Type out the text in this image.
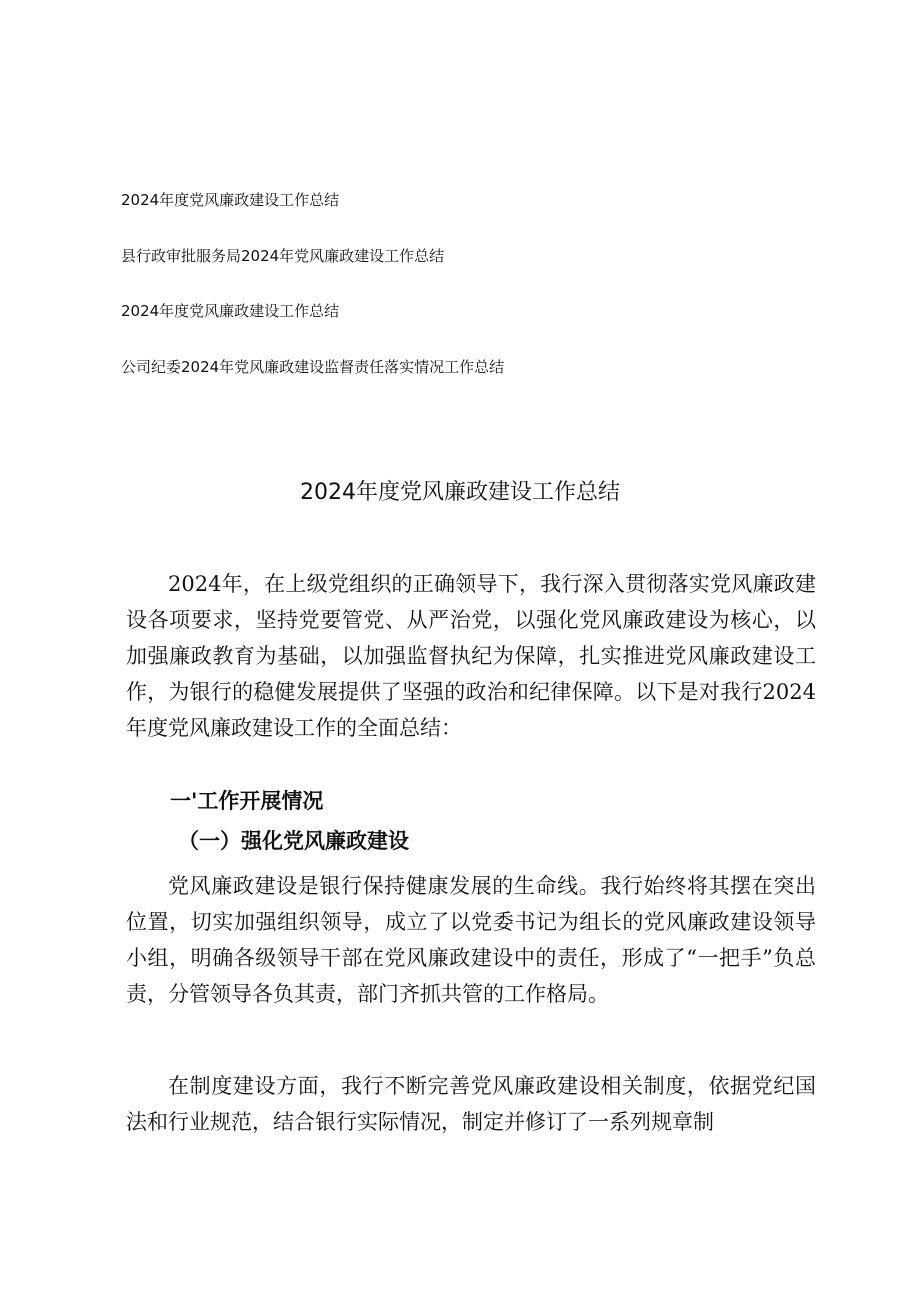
2024年度党风廉政建设工作总结
县行政审批服务局2024年党风廉政建设工作总结
2024年度党风廉政建设工作总结
公司纪委2024年党风廉政建设监督责任落实情况工作总结
2024年度党风廉政建设工作总结

2024年，在上级党组织的正确领导下，我行深入贯彻落实党风廉政建设各项要求，坚持党要管党、从严治党，以强化党风廉政建设为核心，以加强廉政教育为基础，以加强监督执纪为保障，扎实推进党风廉政建设工作，为银行的稳健发展提供了坚强的政治和纪律保障。以下是对我行2024年度党风廉政建设工作的全面总结：

一'工作开展情况
（一）强化党风廉政建设

党风廉政建设是银行保持健康发展的生命线。我行始终将其摆在突出位置，切实加强组织领导，成立了以党委书记为组长的党风廉政建设领导小组，明确各级领导干部在党风廉政建设中的责任，形成了“一把手”负总责，分管领导各负其责，部门齐抓共管的工作格局。

在制度建设方面，我行不断完善党风廉政建设相关制度，依据党纪国法和行业规范，结合银行实际情况，制定并修订了一系列规章制
